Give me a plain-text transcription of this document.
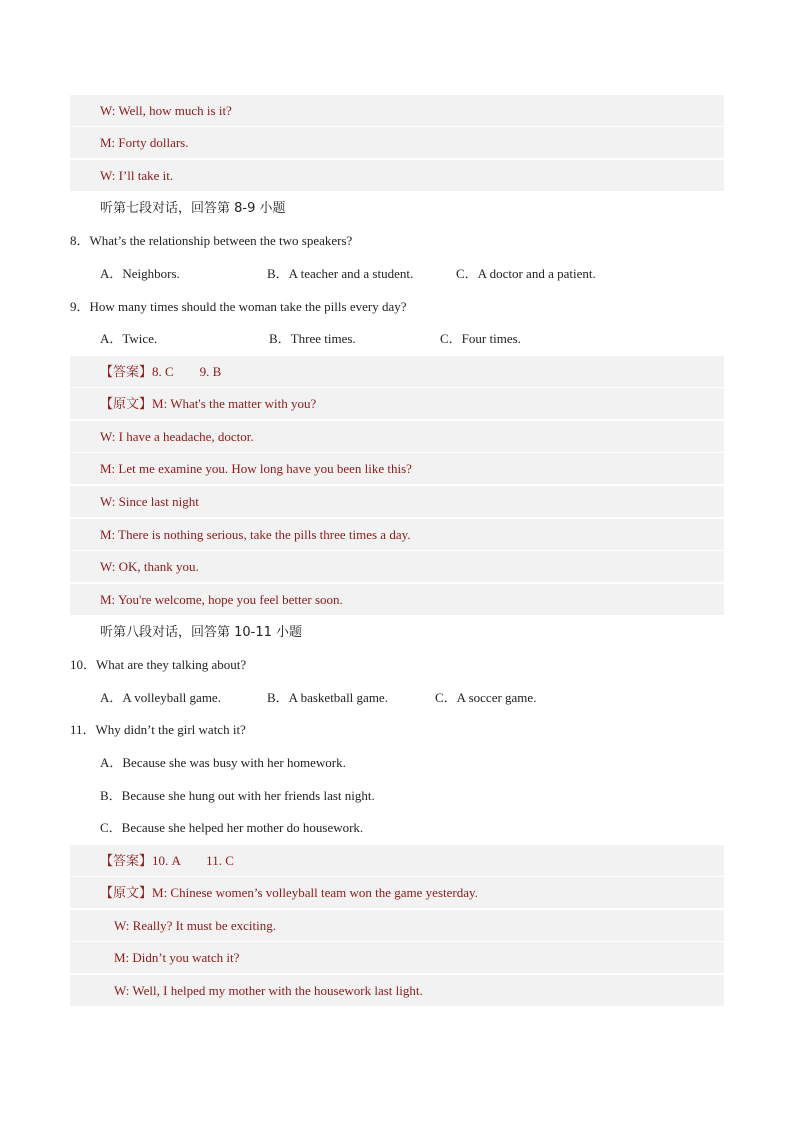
W: Well, how much is it?
M: Forty dollars.
W: I’ll take it.
听第七段对话，回答第 8-9 小题
8．What’s the relationship between the two speakers?
A．Neighbors.	B．A teacher and a student.	C．A doctor and a patient.
9．How many times should the woman take the pills every day?
A．Twice.	B．Three times.	C．Four times.
【答案】8. C        9. B
【原文】M: What's the matter with you?
W: I have a headache, doctor.
M: Let me examine you. How long have you been like this?
W: Since last night
M: There is nothing serious, take the pills three times a day.
W: OK, thank you.
M: You're welcome, hope you feel better soon.
听第八段对话，回答第 10-11 小题
10．What are they talking about?
A．A volleyball game.	B．A basketball game.	C．A soccer game.
11．Why didn’t the girl watch it?
A．Because she was busy with her homework.
B．Because she hung out with her friends last night.
C．Because she helped her mother do housework.
【答案】10. A        11. C
【原文】M: Chinese women’s volleyball team won the game yesterday.
W: Really? It must be exciting.
M: Didn’t you watch it?
W: Well, I helped my mother with the housework last light.
